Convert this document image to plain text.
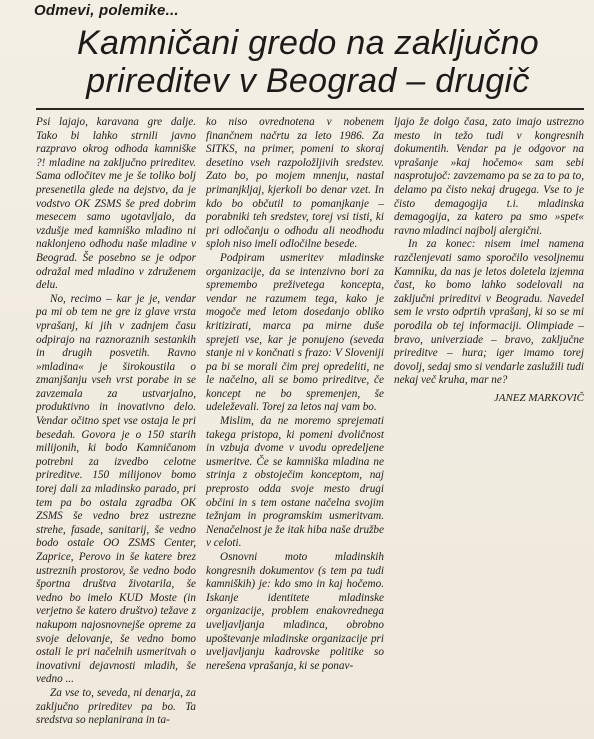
Odmevi, polemike...
Kamničani gredo na zaključno
prireditev v Beograd – drugič

Psi lajajo, karavana gre dalje. Tako bi lahko strnili javno razpravo okrog odhoda kamniške ?! mladine na zaključno prireditev. Sama odločitev me je še toliko bolj presenetila glede na dejstvo, da je vodstvo OK ZSMS še pred dobrim mesecem samo ugotavljalo, da vzdušje med kamniško mladino ni naklonjeno odhodu naše mladine v Beograd. Še posebno se je odpor odražal med mladino v združenem delu.

No, recimo – kar je je, vendar pa mi ob tem ne gre iz glave vrsta vprašanj, ki jih v zadnjem času odpirajo na raznoraznih sestankih in drugih posvetih. Ravno »mladina« je širokoustila o zmanjšanju vseh vrst porabe in se zavzemala za ustvarjalno, produktivno in inovativno delo. Vendar očitno spet vse ostaja le pri besedah. Govora je o 150 starih milijonih, ki bodo Kamničanom potrebni za izvedbo celotne prireditve. 150 milijonov bomo torej dali za mladinsko parado, pri tem pa bo ostala zgradba OK ZSMS še vedno brez ustrezne strehe, fasade, sanitarij, še vedno bodo ostale OO ZSMS Center, Zaprice, Perovo in še katere brez ustreznih prostorov, še vedno bodo športna društva životarila, še vedno bo imelo KUD Moste (in verjetno še katero društvo) težave z nakupom najosnovnejše opreme za svoje delovanje, še vedno bomo ostali le pri načelnih usmeritvah o inovativni dejavnosti mladih, še vedno ...

Za vse to, seveda, ni denarja, za zaključno prireditev pa bo. Ta sredstva so neplanirana in ta-

ko niso ovrednotena v nobenem finančnem načrtu za leto 1986. Za SITKS, na primer, pomeni to skoraj desetino vseh razpoložljivih sredstev. Zato bo, po mojem mnenju, nastal primanjkljaj, kjerkoli bo denar vzet. In kdo bo občutil to pomanjkanje – porabniki teh sredstev, torej vsi tisti, ki pri odločanju o odhodu ali neodhodu sploh niso imeli odločilne besede.

Podpiram usmeritev mladinske organizacije, da se intenzivno bori za spremembo preživetega koncepta, vendar ne razumem tega, kako je mogoče med letom dosedanjo obliko kritizirati, marca pa mirne duše sprejeti vse, kar je ponujeno (seveda stanje ni v končnati s frazo: V Sloveniji pa bi se morali čim prej opredeliti, ne le načelno, ali se bomo prireditve, če koncept ne bo spremenjen, še udeleževali. Torej za letos naj vam bo.

Mislim, da ne moremo sprejemati takega pristopa, ki pomeni dvoličnost in vzbuja dvome v uvodu opredeljene usmeritve. Če se kamniška mladina ne strinja z obstoječim konceptom, naj preprosto odda svoje mesto drugi občini in s tem ostane načelna svojim težnjam in programskim usmeritvam. Nenačelnost je že itak hiba naše družbe v celoti.

Osnovni moto mladinskih kongresnih dokumentov (s tem pa tudi kamniških) je: kdo smo in kaj hočemo. Iskanje identitete mladinske organizacije, problem enakovrednega uveljavljanja mladinca, obrobno upoštevanje mladinske organizacije pri uveljavljanju kadrovske politike so nerešena vprašanja, ki se ponav-

ljajo že dolgo časa, zato imajo ustrezno mesto in težo tudi v kongresnih dokumentih. Vendar pa je odgovor na vprašanje »kaj hočemo« sam sebi nasprotujoč: zavzemamo pa se za to pa to, delamo pa čisto nekaj drugega. Vse to je čisto demagogija t.i. mladinska demagogija, za katero pa smo »spet« ravno mladinci najbolj alergični.

In za konec: nisem imel namena razčlenjevati samo sporočilo vesoljnemu Kamniku, da nas je letos doletela izjemna čast, ko bomo lahko sodelovali na zaključni prireditvi v Beogradu. Navedel sem le vrsto odprtih vprašanj, ki so se mi porodila ob tej informaciji. Olimpiade – bravo, univerziade – bravo, zaključne prireditve – hura; iger imamo torej dovolj, sedaj smo si vendarle zaslužili tudi nekaj več kruha, mar ne?

JANEZ MARKOVIČ
